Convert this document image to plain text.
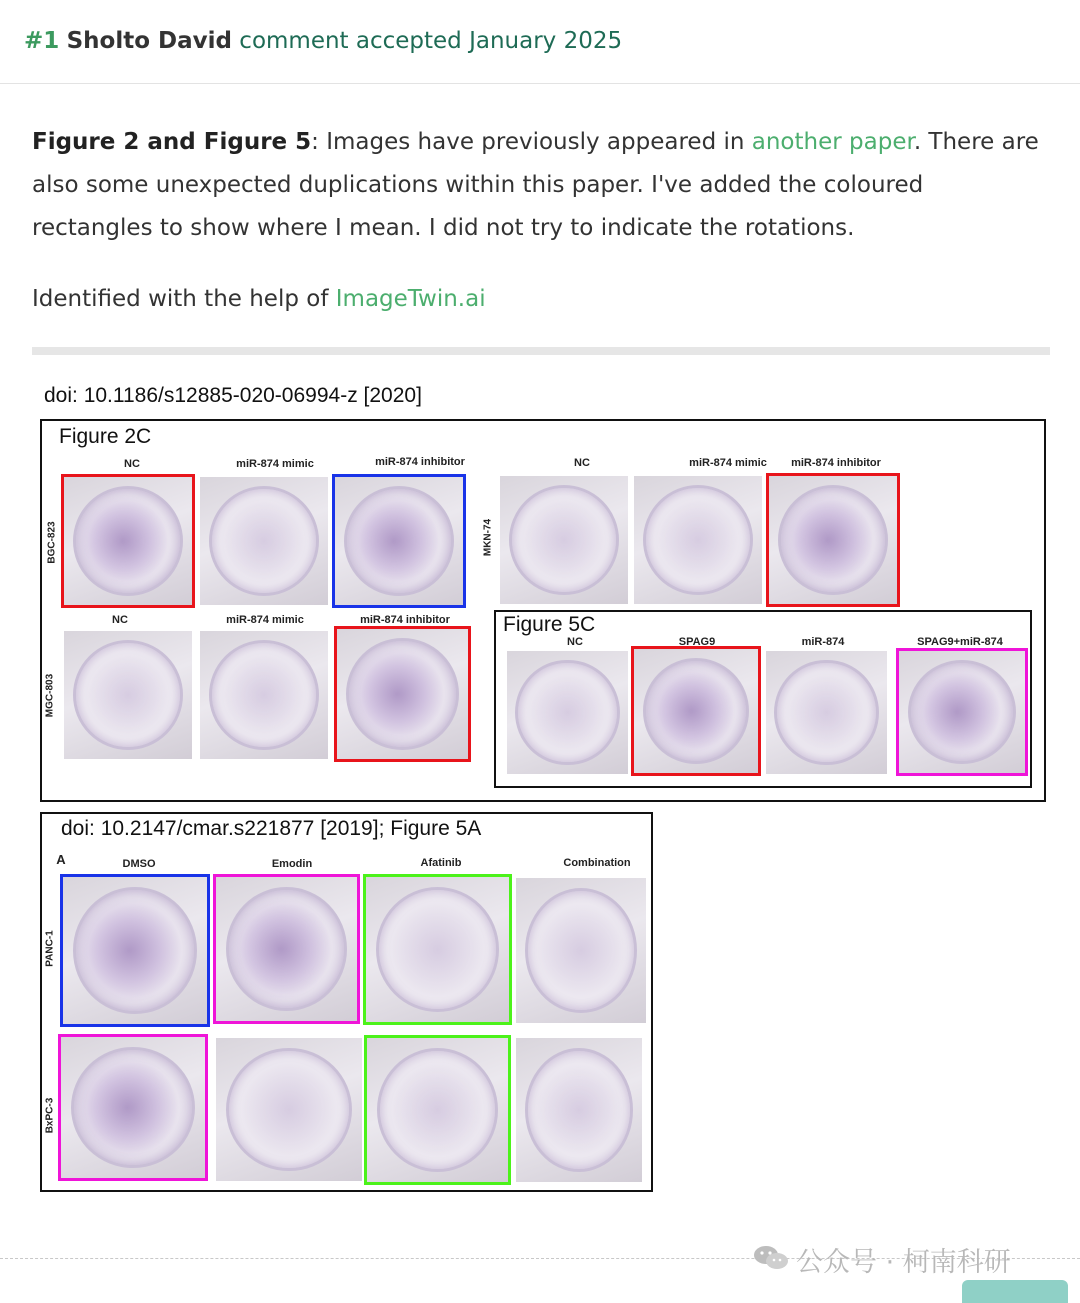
#1 Sholto David comment accepted January 2025
Figure 2 and Figure 5: Images have previously appeared in another paper. There are also some unexpected duplications within this paper. I've added the coloured rectangles to show where I mean. I did not try to indicate the rotations.
Identified with the help of ImageTwin.ai
doi: 10.1186/s12885-020-06994-z [2020]
Figure 2C
NC	miR-874 mimic	miR-874 inhibitor
BGC-823
NC	miR-874 mimic	miR-874 inhibitor
MGC-803
NC	miR-874 mimic	miR-874 inhibitor
MKN-74
Figure 5C
NC	SPAG9	miR-874	SPAG9+miR-874
doi: 10.2147/cmar.s221877 [2019]; Figure 5A
A	DMSO	Emodin	Afatinib	Combination
PANC-1
BxPC-3
公众号 · 柯南科研
